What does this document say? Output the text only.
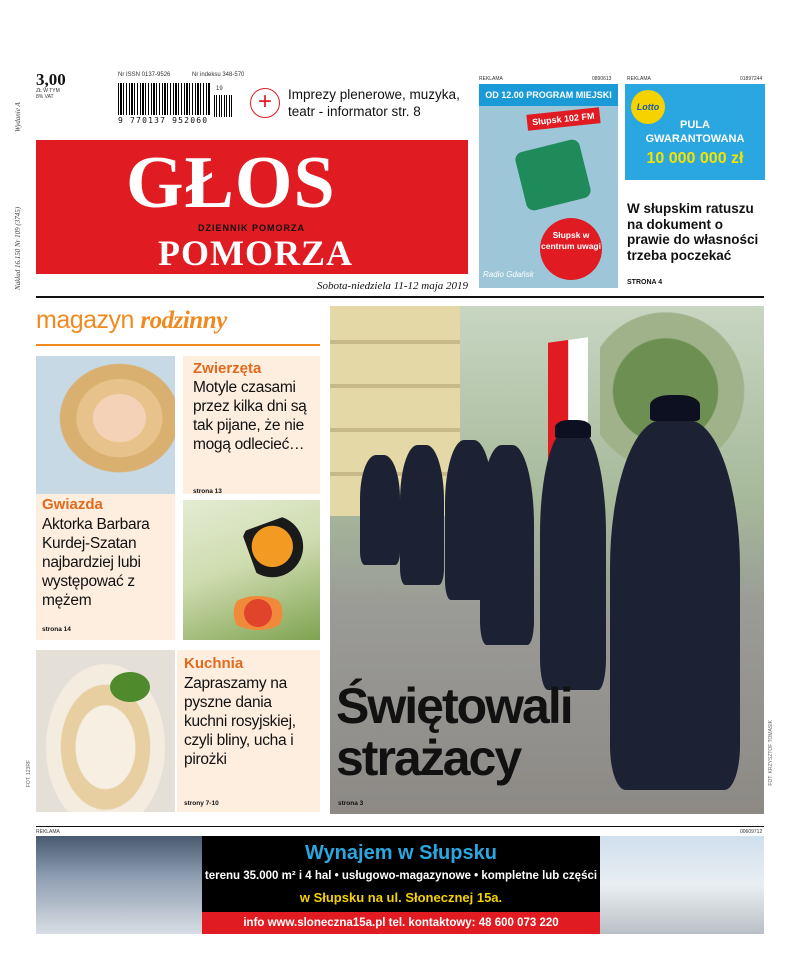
Wydanie A
Nakład 16.150 Nr 109 (3745)
3,00
ZŁ W TYM 8% VAT
Nr ISSN 0137-9526	Nr indeksu 348-570
19
9 770137 952060
+	Imprezy plenerowe, muzyka, teatr - informator str. 8
GŁOS
DZIENNIK POMORZA
POMORZA
Sobota-niedziela 11-12 maja 2019
REKLAMA	0890613
OD 12.00 PROGRAM MIEJSKI
Słupsk 102 FM
Słupsk w centrum uwagi
Radio Gdańsk
REKLAMA	01897244
Lotto
PULA
GWARANTOWANA
10 000 000 zł
W słupskim ratuszu na dokument o prawie do własności trzeba poczekać
STRONA 4
magazyn rodzinny
Zwierzęta
Motyle czasami przez kilka dni są tak pijane, że nie mogą odlecieć…
strona 13
Gwiazda
Aktorka Barbara Kurdej-Szatan najbardziej lubi występować z mężem
strona 14
Kuchnia
Zapraszamy na pyszne dania kuchni rosyjskiej, czyli bliny, ucha i pirożki
strony 7-10
Świętowali
strażacy
strona 3
FOT. KRZYSZTOF TOMASIK
FOT. 123RF
REKLAMA	00609712
Wynajem w Słupsku
terenu 35.000 m² i 4 hal • usługowo-magazynowe • kompletne lub części
w Słupsku na ul. Słonecznej 15a.
info www.sloneczna15a.pl tel. kontaktowy: 48 600 073 220
